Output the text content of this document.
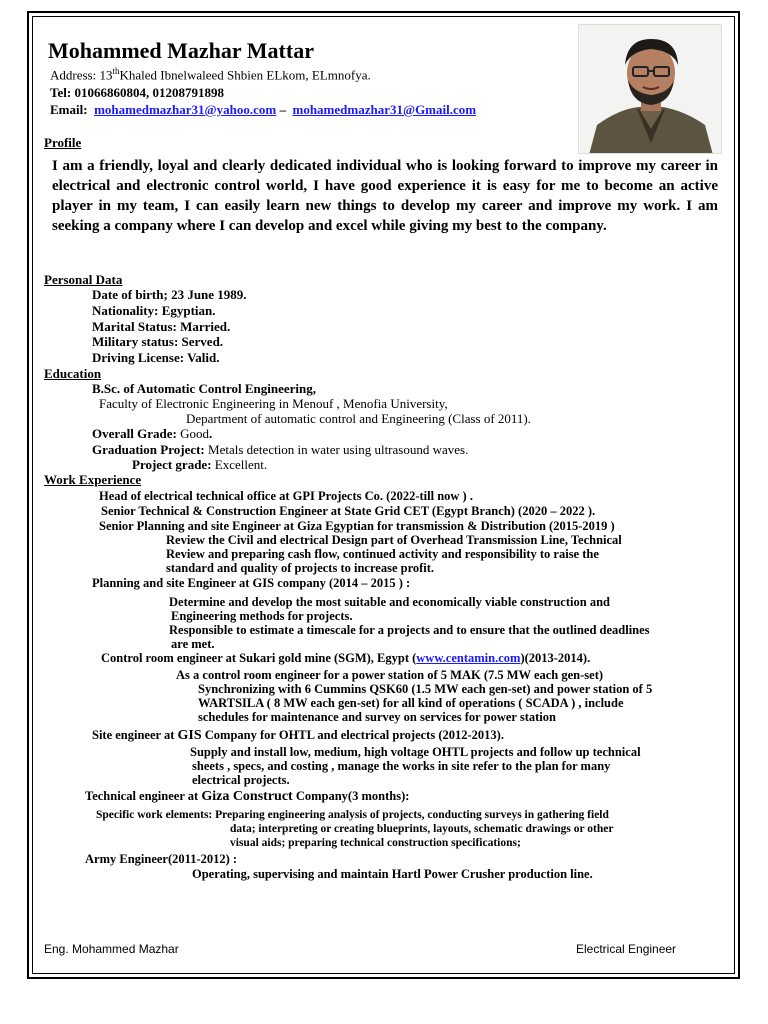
Mohammed Mazhar Mattar
Address: 13thKhaled Ibnelwaleed Shbien ELkom, ELmnofya.
Tel: 01066860804, 01208791898
Email: mohamedmazhar31@yahoo.com – mohamedmazhar31@Gmail.com
Profile
I am a friendly, loyal and clearly dedicated individual who is looking forward to improve my career in electrical and electronic control world, I have good experience it is easy for me to become an active player in my team, I can easily learn new things to develop my career and improve my work. I am seeking a company where I can develop and excel while giving my best to the company.
Personal Data
Date of birth; 23 June 1989.
Nationality: Egyptian.
Marital Status: Married.
Military status: Served.
Driving License: Valid.
Education
B.Sc. of Automatic Control Engineering,
Faculty of Electronic Engineering in Menouf , Menofia University,
Department of automatic control and Engineering (Class of 2011).
Overall Grade: Good.
Graduation Project: Metals detection in water using ultrasound waves.
Project grade: Excellent.
Work Experience
Head of electrical technical office at GPI Projects Co. (2022-till now ) .
Senior Technical & Construction Engineer at State Grid CET (Egypt Branch) (2020 – 2022 ).
Senior Planning and site Engineer at Giza Egyptian for transmission & Distribution (2015-2019 )
Review the Civil and electrical Design part of Overhead Transmission Line, Technical
Review and preparing cash flow, continued activity and responsibility to raise the
standard and quality of projects to increase profit.
Planning and site Engineer at GIS company (2014 – 2015 ) :
Determine and develop the most suitable and economically viable construction and
Engineering methods for projects.
Responsible to estimate a timescale for a projects and to ensure that the outlined deadlines
are met.
Control room engineer at Sukari gold mine (SGM), Egypt (www.centamin.com)(2013-2014).
As a control room engineer for a power station of 5 MAK (7.5 MW each gen-set)
Synchronizing with 6 Cummins QSK60 (1.5 MW each gen-set) and power station of 5
WARTSILA ( 8 MW each gen-set) for all kind of operations ( SCADA ) , include
schedules for maintenance and survey on services for power station
Site engineer at GIS Company for OHTL and electrical projects (2012-2013).
Supply and install low, medium, high voltage OHTL projects and follow up technical
sheets , specs, and costing , manage the works in site refer to the plan for many
electrical projects.
Technical engineer at Giza Construct Company(3 months):
Specific work elements: Preparing engineering analysis of projects, conducting surveys in gathering field
data; interpreting or creating blueprints, layouts, schematic drawings or other
visual aids; preparing technical construction specifications;
Army Engineer(2011-2012) :
Operating, supervising and maintain Hartl Power Crusher production line.
Eng. Mohammed Mazhar	Electrical Engineer
